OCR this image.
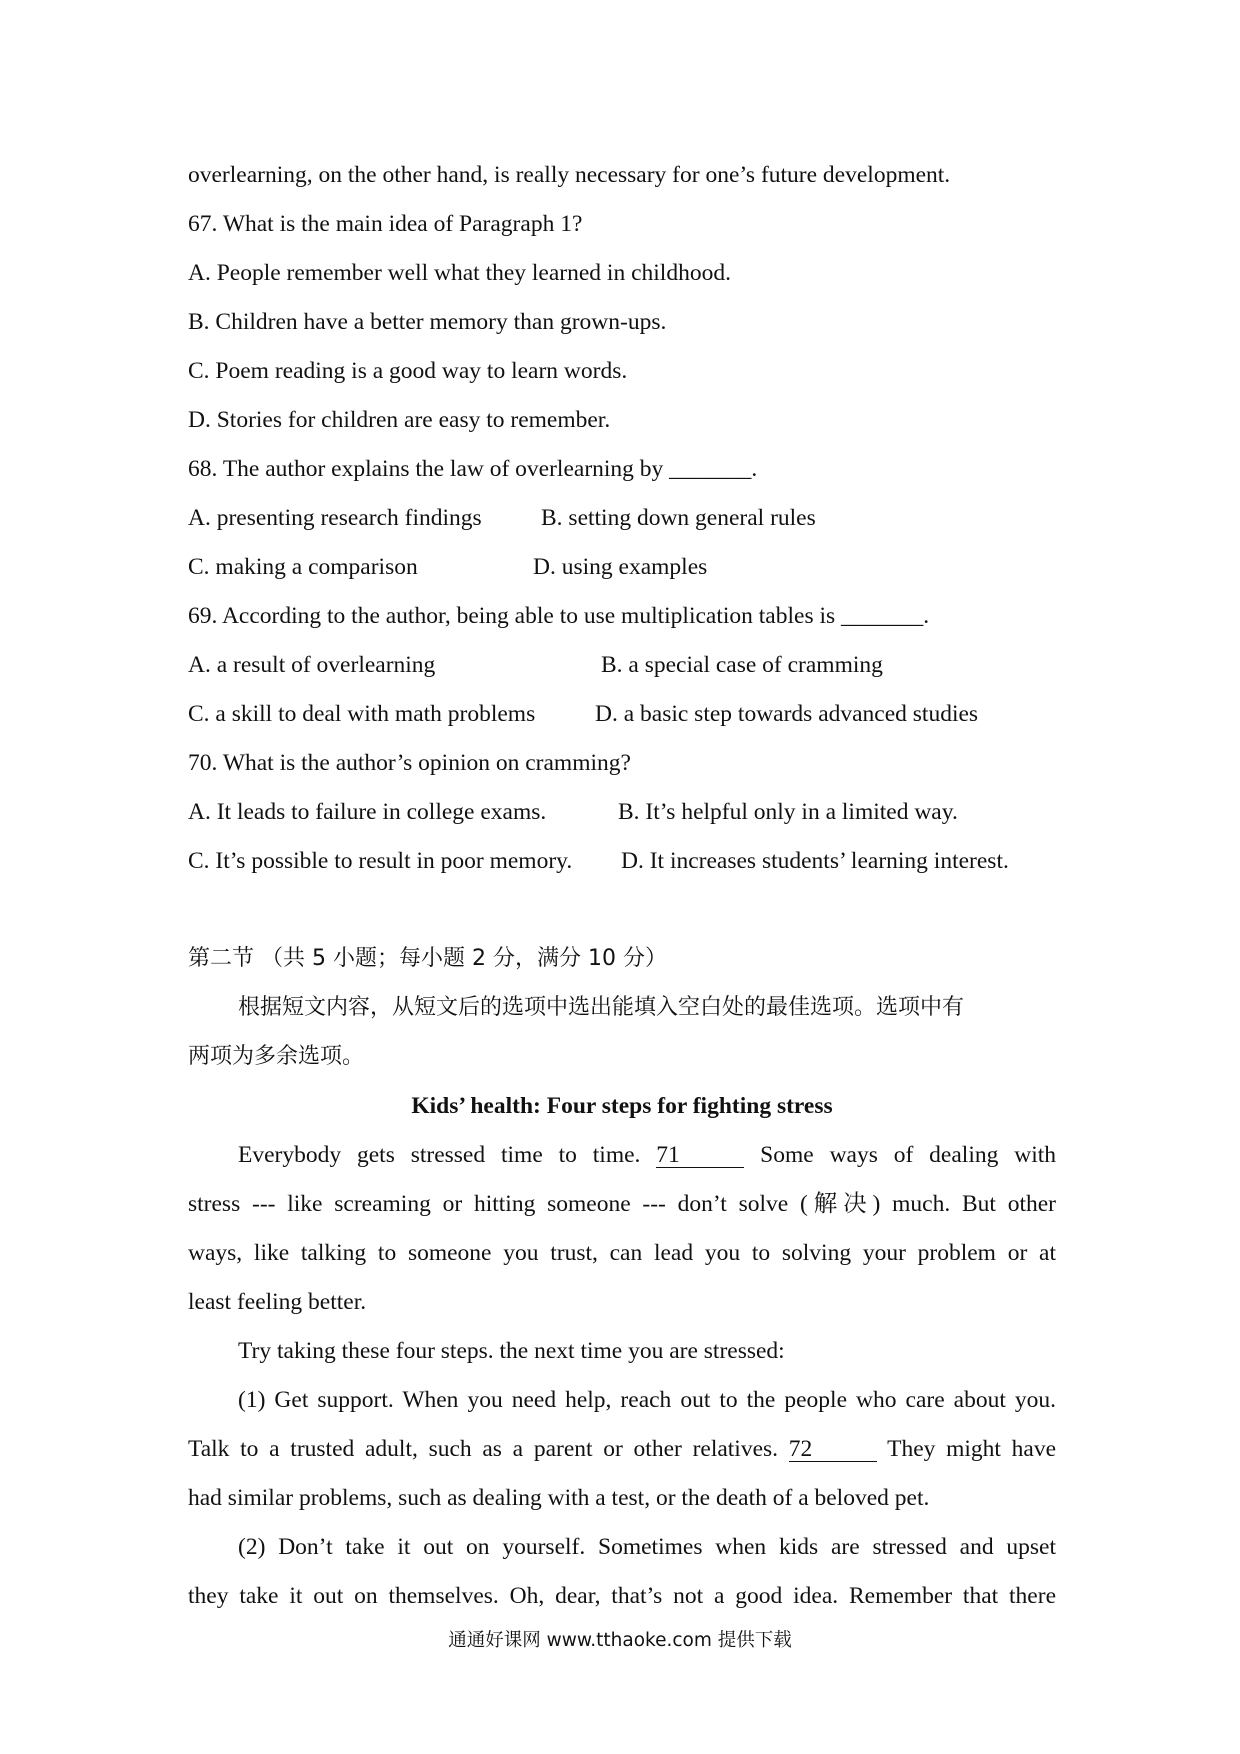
overlearning, on the other hand, is really necessary for one’s future development.
67. What is the main idea of Paragraph 1?
A. People remember well what they learned in childhood.
B. Children have a better memory than grown-ups.
C. Poem reading is a good way to learn words.
D. Stories for children are easy to remember.
68. The author explains the law of overlearning by _______.
A. presenting research findings	B. setting down general rules
C. making a comparison	D. using examples
69. According to the author, being able to use multiplication tables is _______.
A. a result of overlearning	B. a special case of cramming
C. a skill to deal with math problems	D. a basic step towards advanced studies
70. What is the author’s opinion on cramming?
A. It leads to failure in college exams.	B. It’s helpful only in a limited way.
C. It’s possible to result in poor memory. D. It increases students’ learning interest.
第二节 （共 5 小题；每小题 2 分，满分 10 分）
根据短文内容，从短文后的选项中选出能填入空白处的最佳选项。选项中有
两项为多余选项。
Kids’ health: Four steps for fighting stress
Everybody gets stressed time to time. 71	Some ways of dealing with
stress --- like screaming or hitting someone --- don’t solve (解决) much. But other
ways, like talking to someone you trust, can lead you to solving your problem or at
least feeling better.
Try taking these four steps. the next time you are stressed:
(1) Get support. When you need help, reach out to the people who care about you.
Talk to a trusted adult, such as a parent or other relatives. 72	They might have
had similar problems, such as dealing with a test, or the death of a beloved pet.
(2) Don’t take it out on yourself. Sometimes when kids are stressed and upset
they take it out on themselves. Oh, dear, that’s not a good idea. Remember that there
通通好课网 www.tthaoke.com 提供下载
